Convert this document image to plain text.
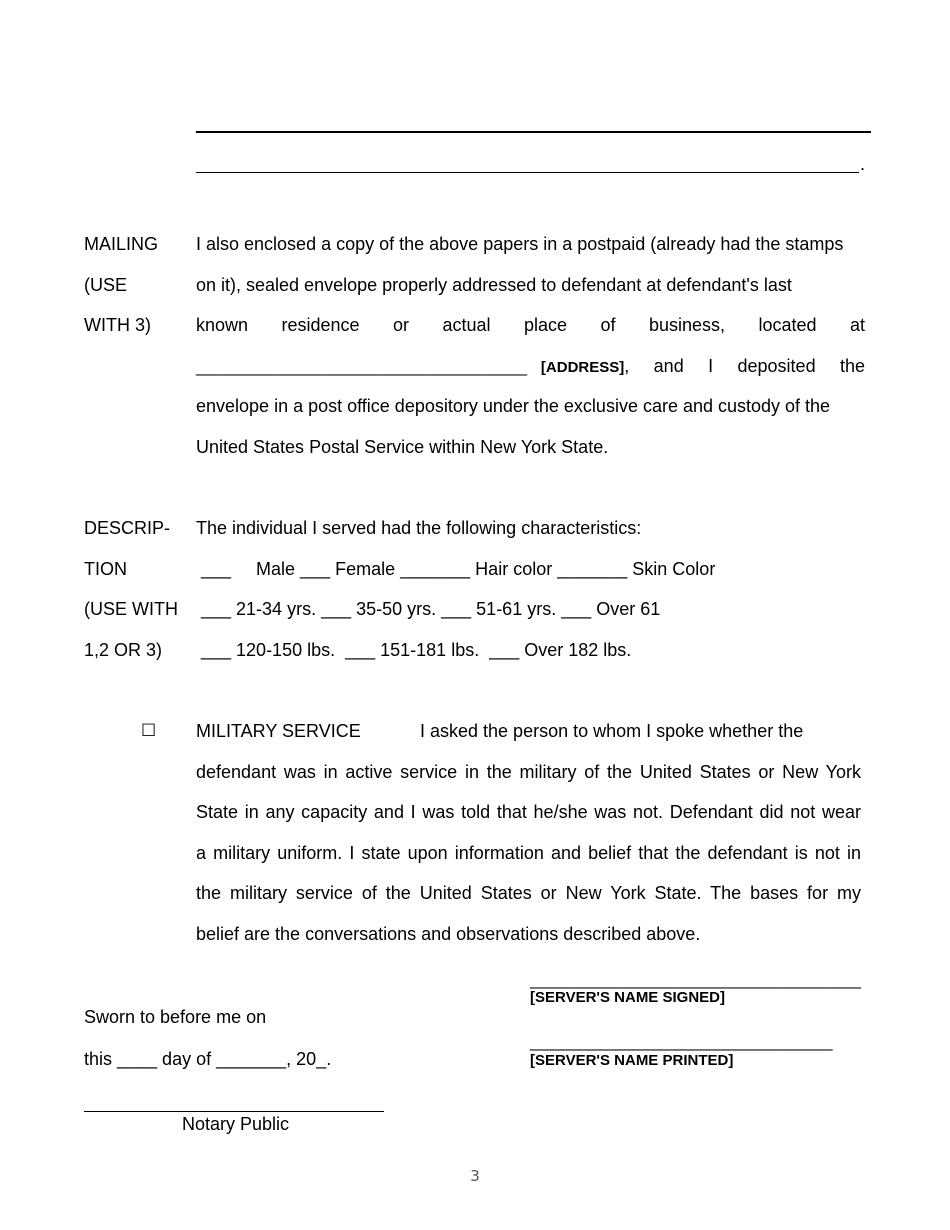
.
MAILING
(USE
WITH 3)
I also enclosed a copy of the above papers in a postpaid (already had the stamps
on it), sealed envelope properly addressed to defendant at defendant's last
known residence or actual place of business, located at
___________________________________ [ADDRESS] , and I deposited the
envelope in a post office depository under the exclusive care and custody of the
United States Postal Service within New York State.
DESCRIP-
TION
(USE WITH
1,2 OR 3)
The individual I served had the following characteristics:
___     Male ___ Female _______ Hair color _______ Skin Color
___ 21-34 yrs. ___ 35-50 yrs. ___ 51-61 yrs. ___ Over 61
___ 120-150 lbs.  ___ 151-181 lbs.  ___ Over 182 lbs.
☐ MILITARY SERVICE	I asked the person to whom I spoke whether the
defendant was in active service in the military of the United States or New York
State in any capacity and I was told that he/she was not. Defendant did not wear
a military uniform. I state upon information and belief that the defendant is not in
the military service of the United States or New York State. The bases for my
belief are the conversations and observations described above.
___________________________________
[SERVER'S NAME SIGNED]
________________________________
[SERVER'S NAME PRINTED]
Sworn to before me on
this ____ day of _______, 20_.
Notary Public
3
